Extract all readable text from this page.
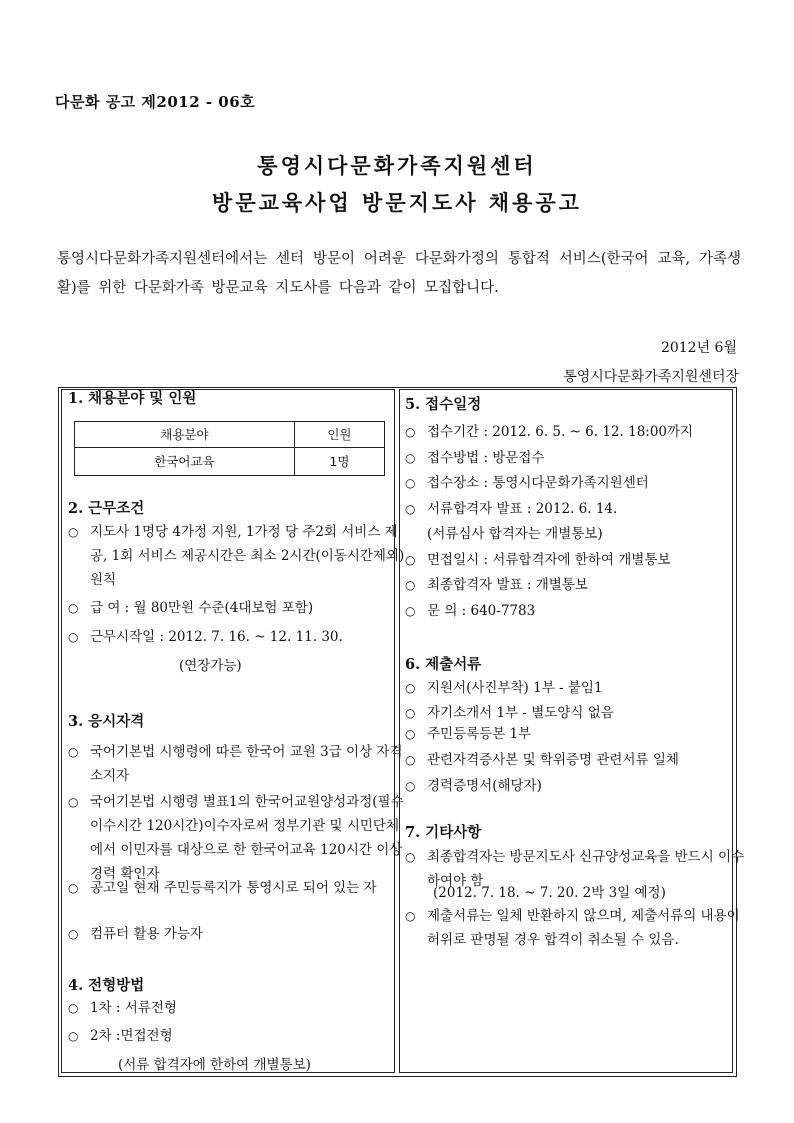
다문화 공고 제2012 - 06호
통영시다문화가족지원센터
방문교육사업 방문지도사 채용공고
통영시다문화가족지원센터에서는 센터 방문이 어려운 다문화가정의 통합적 서비스(한국어 교육, 가족생활)를 위한 다문화가족 방문교육 지도사를 다음과 같이 모집합니다.
2012년 6월
통영시다문화가족지원센터장
1. 채용분야 및 인원
채용분야	인원
한국어교육	1명
2. 근무조건
○ 지도사 1명당 4가정 지원, 1가정 당 주2회 서비스 제공, 1회 서비스 제공시간은 최소 2시간(이동시간제외) 원칙
○ 급 여 : 월 80만원 수준(4대보험 포함)
○ 근무시작일 : 2012. 7. 16. ~ 12. 11. 30.
(연장가능)
3. 응시자격
○ 국어기본법 시행령에 따른 한국어 교원 3급 이상 자격 소지자
○ 국어기본법 시행령 별표1의 한국어교원양성과정(필수이수시간 120시간)이수자로써 정부기관 및 시민단체에서 이민자를 대상으로 한 한국어교육 120시간 이상 경력 확인자
○ 공고일 현재 주민등록지가 통영시로 되어 있는 자
○ 컴퓨터 활용 가능자
4. 전형방법
○ 1차 : 서류전형
○ 2차 :면접전형
(서류 합격자에 한하여 개별통보)
5. 접수일정
○ 접수기간 : 2012. 6. 5. ~ 6. 12. 18:00까지
○ 접수방법 : 방문접수
○ 접수장소 : 통영시다문화가족지원센터
○ 서류합격자 발표 : 2012. 6. 14.
(서류심사 합격자는 개별통보)
○ 면접일시 : 서류합격자에 한하여 개별통보
○ 최종합격자 발표 : 개별통보
○ 문 의 : 640-7783
6. 제출서류
○ 지원서(사진부착) 1부 - 붙임1
○ 자기소개서 1부 - 별도양식 없음
○ 주민등록등본 1부
○ 관련자격증사본 및 학위증명 관련서류 일체
○ 경력증명서(해당자)
7. 기타사항
○ 최종합격자는 방문지도사 신규양성교육을 반드시 이수하여야 함
(2012. 7. 18. ~ 7. 20. 2박 3일 예정)
○ 제출서류는 일체 반환하지 않으며, 제출서류의 내용이 허위로 판명될 경우 합격이 취소될 수 있음.
